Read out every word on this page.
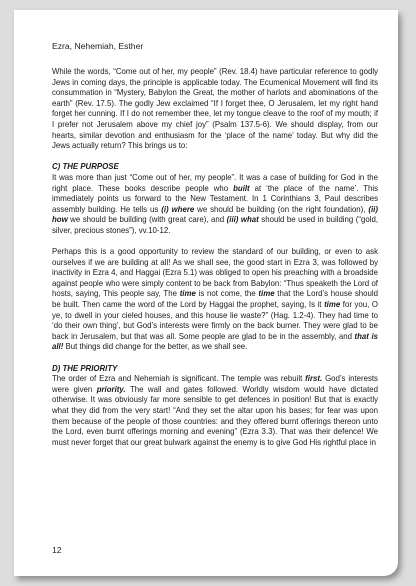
Ezra, Nehemiah, Esther

While the words, “Come out of her, my people” (Rev. 18.4) have particular reference to godly Jews in coming days, the principle is applicable today. The Ecumenical Movement will find its consummation in “Mystery, Babylon the Great, the mother of harlots and abominations of the earth” (Rev. 17.5). The godly Jew exclaimed “If I forget thee, O Jerusalem, let my right hand forget her cunning. If I do not remember thee, let my tongue cleave to the roof of my mouth; if I prefer not Jerusalem above my chief joy” (Psalm 137.5-6). We should display, from our hearts, similar devotion and enthusiasm for the ‘place of the name’ today. But why did the Jews actually return? This brings us to:

C) THE PURPOSE

It was more than just “Come out of her, my people”. It was a case of building for God in the right place. These books describe people who built at ‘the place of the name’. This immediately points us forward to the New Testament. In 1 Corinthians 3, Paul describes assembly building. He tells us (i) where we should be building (on the right foundation), (ii) how we should be building (with great care), and (iii) what should be used in building (“gold, silver, precious stones”), vv.10-12.

Perhaps this is a good opportunity to review the standard of our building, or even to ask ourselves if we are building at all! As we shall see, the good start in Ezra 3, was followed by inactivity in Ezra 4, and Haggai (Ezra 5.1) was obliged to open his preaching with a broadside against people who were simply content to be back from Babylon: “Thus speaketh the Lord of hosts, saying, This people say, The time is not come, the time that the Lord’s house should be built. Then came the word of the Lord by Haggai the prophet, saying, Is it time for you, O ye, to dwell in your cieled houses, and this house lie waste?” (Hag. 1.2-4). They had time to ‘do their own thing’, but God’s interests were firmly on the back burner. They were glad to be back in Jerusalem, but that was all. Some people are glad to be in the assembly, and that is all! But things did change for the better, as we shall see.

D) THE PRIORITY

The order of Ezra and Nehemiah is significant. The temple was rebuilt first. God’s interests were given priority. The wall and gates followed. Worldly wisdom would have dictated otherwise. It was obviously far more sensible to get defences in position! But that is exactly what they did from the very start! “And they set the altar upon his bases; for fear was upon them because of the people of those countries: and they offered burnt offerings thereon unto the Lord, even burnt offerings morning and evening” (Ezra 3.3). That was their defence! We must never forget that our great bulwark against the enemy is to give God His rightful place in

12
